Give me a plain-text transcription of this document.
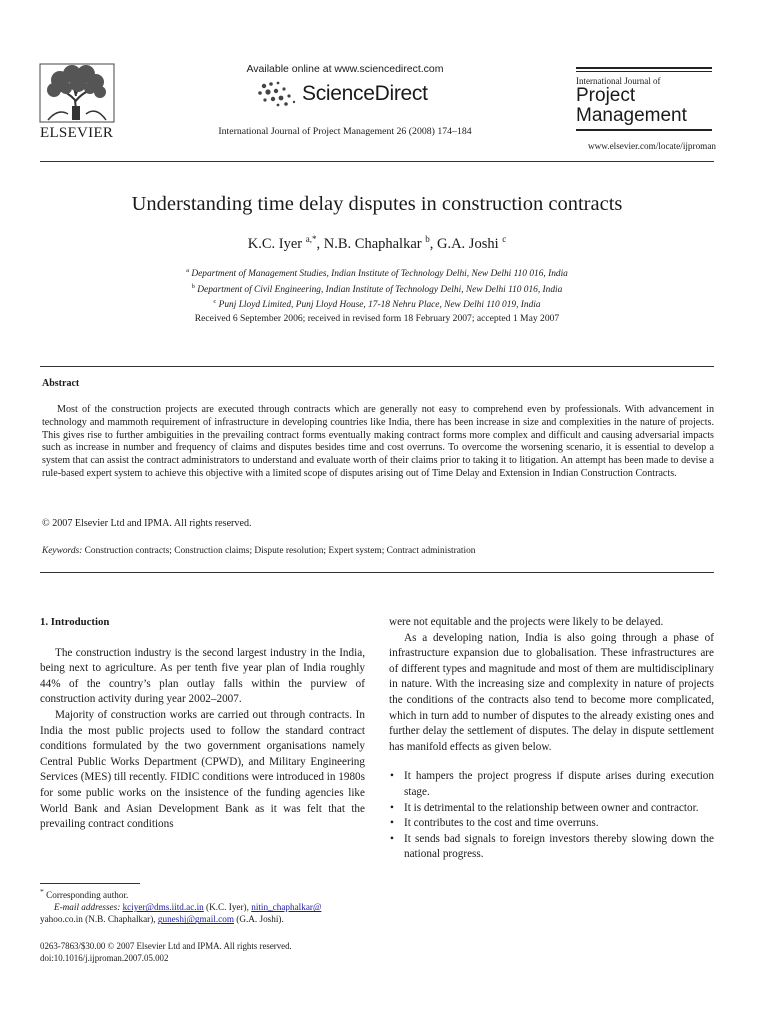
ELSEVIER
Available online at www.sciencedirect.com
ScienceDirect
International Journal of Project Management 26 (2008) 174–184
International Journal of
Project
Management
www.elsevier.com/locate/ijproman
Understanding time delay disputes in construction contracts
K.C. Iyer $^{a,*}$, N.B. Chaphalkar $^b$, G.A. Joshi $^c$
$^a$ Department of Management Studies, Indian Institute of Technology Delhi, New Delhi 110 016, India
$^b$ Department of Civil Engineering, Indian Institute of Technology Delhi, New Delhi 110 016, India
$^c$ Punj Lloyd Limited, Punj Lloyd House, 17-18 Nehru Place, New Delhi 110 019, India
Received 6 September 2006; received in revised form 18 February 2007; accepted 1 May 2007
Abstract
Most of the construction projects are executed through contracts which are generally not easy to comprehend even by professionals. With advancement in technology and mammoth requirement of infrastructure in developing countries like India, there has been increase in size and complexities in the nature of projects. This gives rise to further ambiguities in the prevailing contract forms eventually making contract forms more complex and difficult and causing adversarial impacts such as increase in number and frequency of claims and disputes besides time and cost overruns. To overcome the worsening scenario, it is essential to develop a system that can assist the contract administrators to understand and evaluate worth of their claims prior to taking it to litigation. An attempt has been made to devise a rule-based expert system to achieve this objective with a limited scope of disputes arising out of Time Delay and Extension in Indian Construction Contracts.
© 2007 Elsevier Ltd and IPMA. All rights reserved.
Keywords: Construction contracts; Construction claims; Dispute resolution; Expert system; Contract administration
1. Introduction

The construction industry is the second largest industry in the India, being next to agriculture. As per tenth five year plan of India roughly 44% of the country’s plan outlay falls within the purview of construction activity during year 2002–2007.

Majority of construction works are carried out through contracts. In India the most public projects used to follow the standard contract conditions formulated by the two government organisations namely Central Public Works Department (CPWD), and Military Engineering Services (MES) till recently. FIDIC conditions were introduced in 1980s for some public works on the insistence of the funding agencies like World Bank and Asian Development Bank as it was felt that the prevailing contract conditions

were not equitable and the projects were likely to be delayed.

As a developing nation, India is also going through a phase of infrastructure expansion due to globalisation. These infrastructures are of different types and magnitude and most of them are multidisciplinary in nature. With the increasing size and complexity in nature of projects the conditions of the contracts also tend to become more complicated, which in turn add to number of disputes to the already existing ones and further delay the settlement of disputes. The delay in dispute settlement has manifold effects as given below.

• It hampers the project progress if dispute arises during execution stage.
• It is detrimental to the relationship between owner and contractor.
• It contributes to the cost and time overruns.
• It sends bad signals to foreign investors thereby slowing down the national progress.
* Corresponding author.
E-mail addresses: kciyer@dms.iitd.ac.in (K.C. Iyer), nitin_chaphalkar@
yahoo.co.in (N.B. Chaphalkar), guneshj@gmail.com (G.A. Joshi).
0263-7863/$30.00 © 2007 Elsevier Ltd and IPMA. All rights reserved.
doi:10.1016/j.ijproman.2007.05.002
